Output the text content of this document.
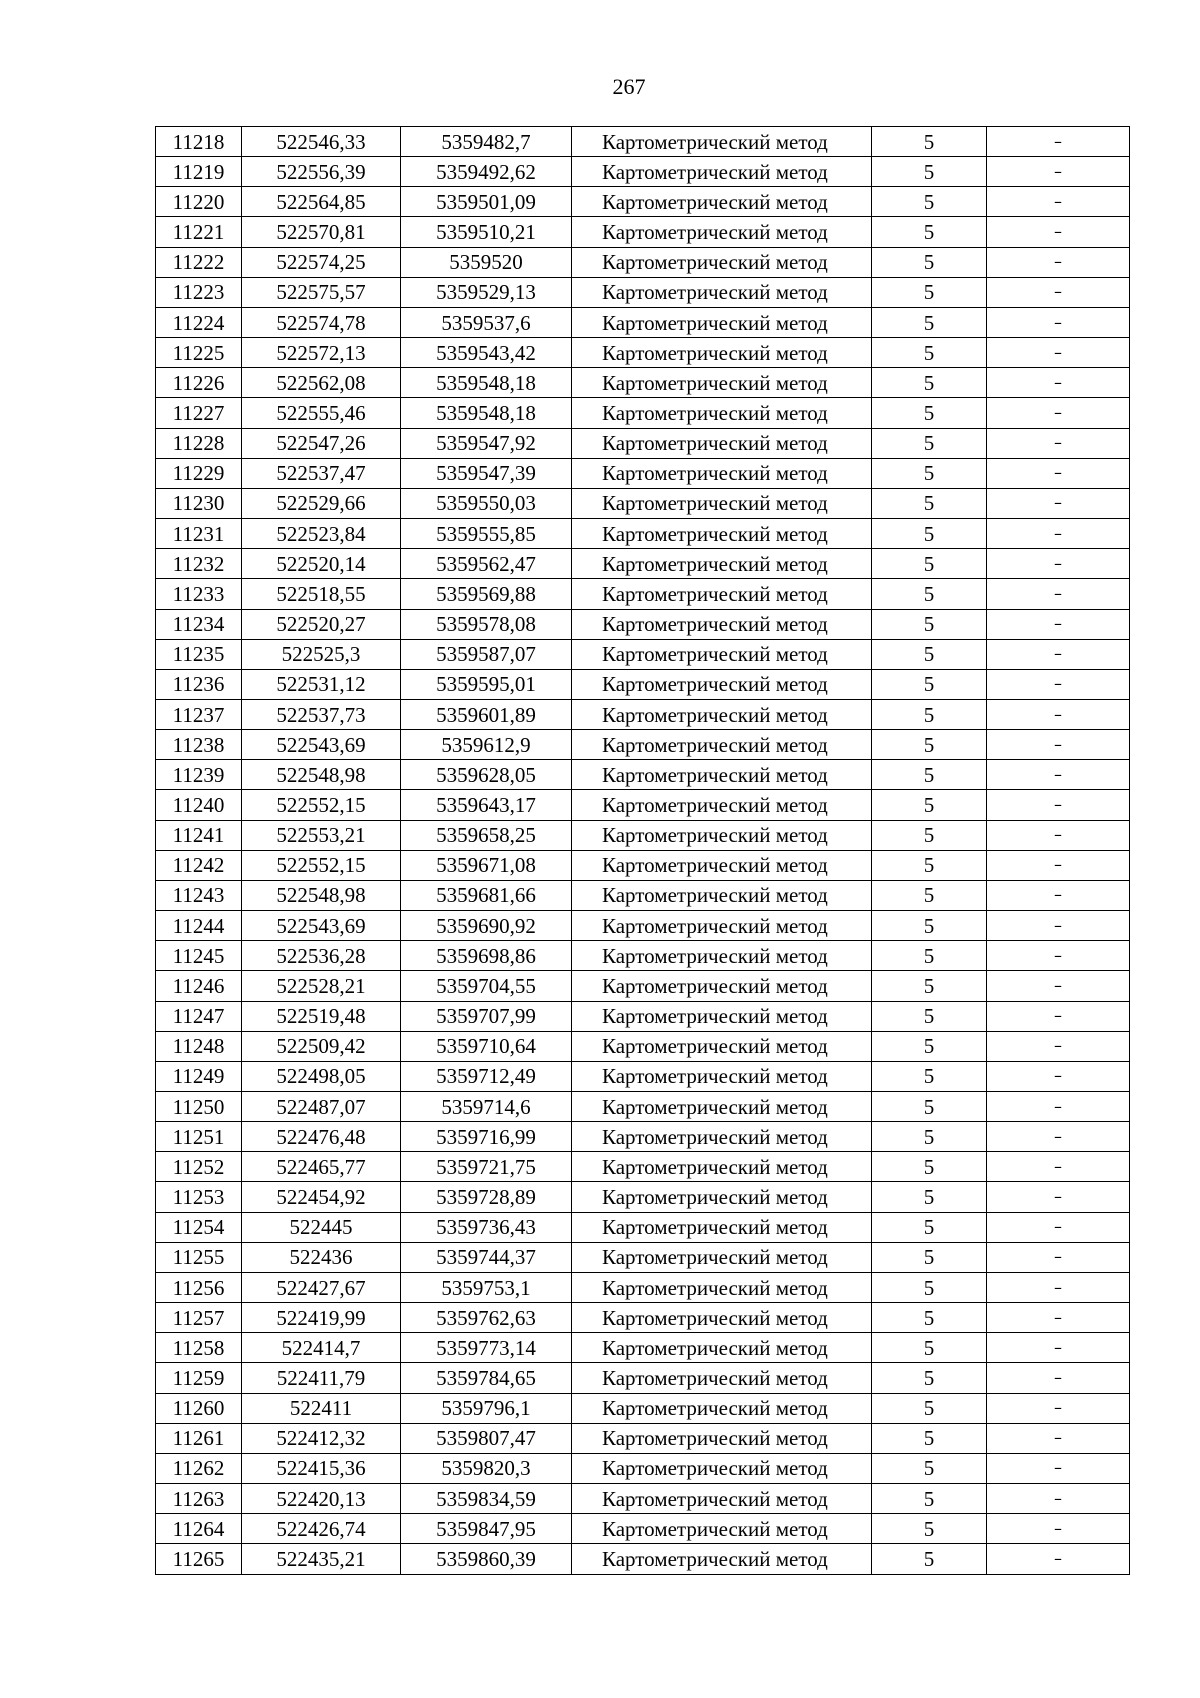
267
11218	522546,33	5359482,7	Картометрический метод	5	–
11219	522556,39	5359492,62	Картометрический метод	5	–
11220	522564,85	5359501,09	Картометрический метод	5	–
11221	522570,81	5359510,21	Картометрический метод	5	–
11222	522574,25	5359520	Картометрический метод	5	–
11223	522575,57	5359529,13	Картометрический метод	5	–
11224	522574,78	5359537,6	Картометрический метод	5	–
11225	522572,13	5359543,42	Картометрический метод	5	–
11226	522562,08	5359548,18	Картометрический метод	5	–
11227	522555,46	5359548,18	Картометрический метод	5	–
11228	522547,26	5359547,92	Картометрический метод	5	–
11229	522537,47	5359547,39	Картометрический метод	5	–
11230	522529,66	5359550,03	Картометрический метод	5	–
11231	522523,84	5359555,85	Картометрический метод	5	–
11232	522520,14	5359562,47	Картометрический метод	5	–
11233	522518,55	5359569,88	Картометрический метод	5	–
11234	522520,27	5359578,08	Картометрический метод	5	–
11235	522525,3	5359587,07	Картометрический метод	5	–
11236	522531,12	5359595,01	Картометрический метод	5	–
11237	522537,73	5359601,89	Картометрический метод	5	–
11238	522543,69	5359612,9	Картометрический метод	5	–
11239	522548,98	5359628,05	Картометрический метод	5	–
11240	522552,15	5359643,17	Картометрический метод	5	–
11241	522553,21	5359658,25	Картометрический метод	5	–
11242	522552,15	5359671,08	Картометрический метод	5	–
11243	522548,98	5359681,66	Картометрический метод	5	–
11244	522543,69	5359690,92	Картометрический метод	5	–
11245	522536,28	5359698,86	Картометрический метод	5	–
11246	522528,21	5359704,55	Картометрический метод	5	–
11247	522519,48	5359707,99	Картометрический метод	5	–
11248	522509,42	5359710,64	Картометрический метод	5	–
11249	522498,05	5359712,49	Картометрический метод	5	–
11250	522487,07	5359714,6	Картометрический метод	5	–
11251	522476,48	5359716,99	Картометрический метод	5	–
11252	522465,77	5359721,75	Картометрический метод	5	–
11253	522454,92	5359728,89	Картометрический метод	5	–
11254	522445	5359736,43	Картометрический метод	5	–
11255	522436	5359744,37	Картометрический метод	5	–
11256	522427,67	5359753,1	Картометрический метод	5	–
11257	522419,99	5359762,63	Картометрический метод	5	–
11258	522414,7	5359773,14	Картометрический метод	5	–
11259	522411,79	5359784,65	Картометрический метод	5	–
11260	522411	5359796,1	Картометрический метод	5	–
11261	522412,32	5359807,47	Картометрический метод	5	–
11262	522415,36	5359820,3	Картометрический метод	5	–
11263	522420,13	5359834,59	Картометрический метод	5	–
11264	522426,74	5359847,95	Картометрический метод	5	–
11265	522435,21	5359860,39	Картометрический метод	5	–
